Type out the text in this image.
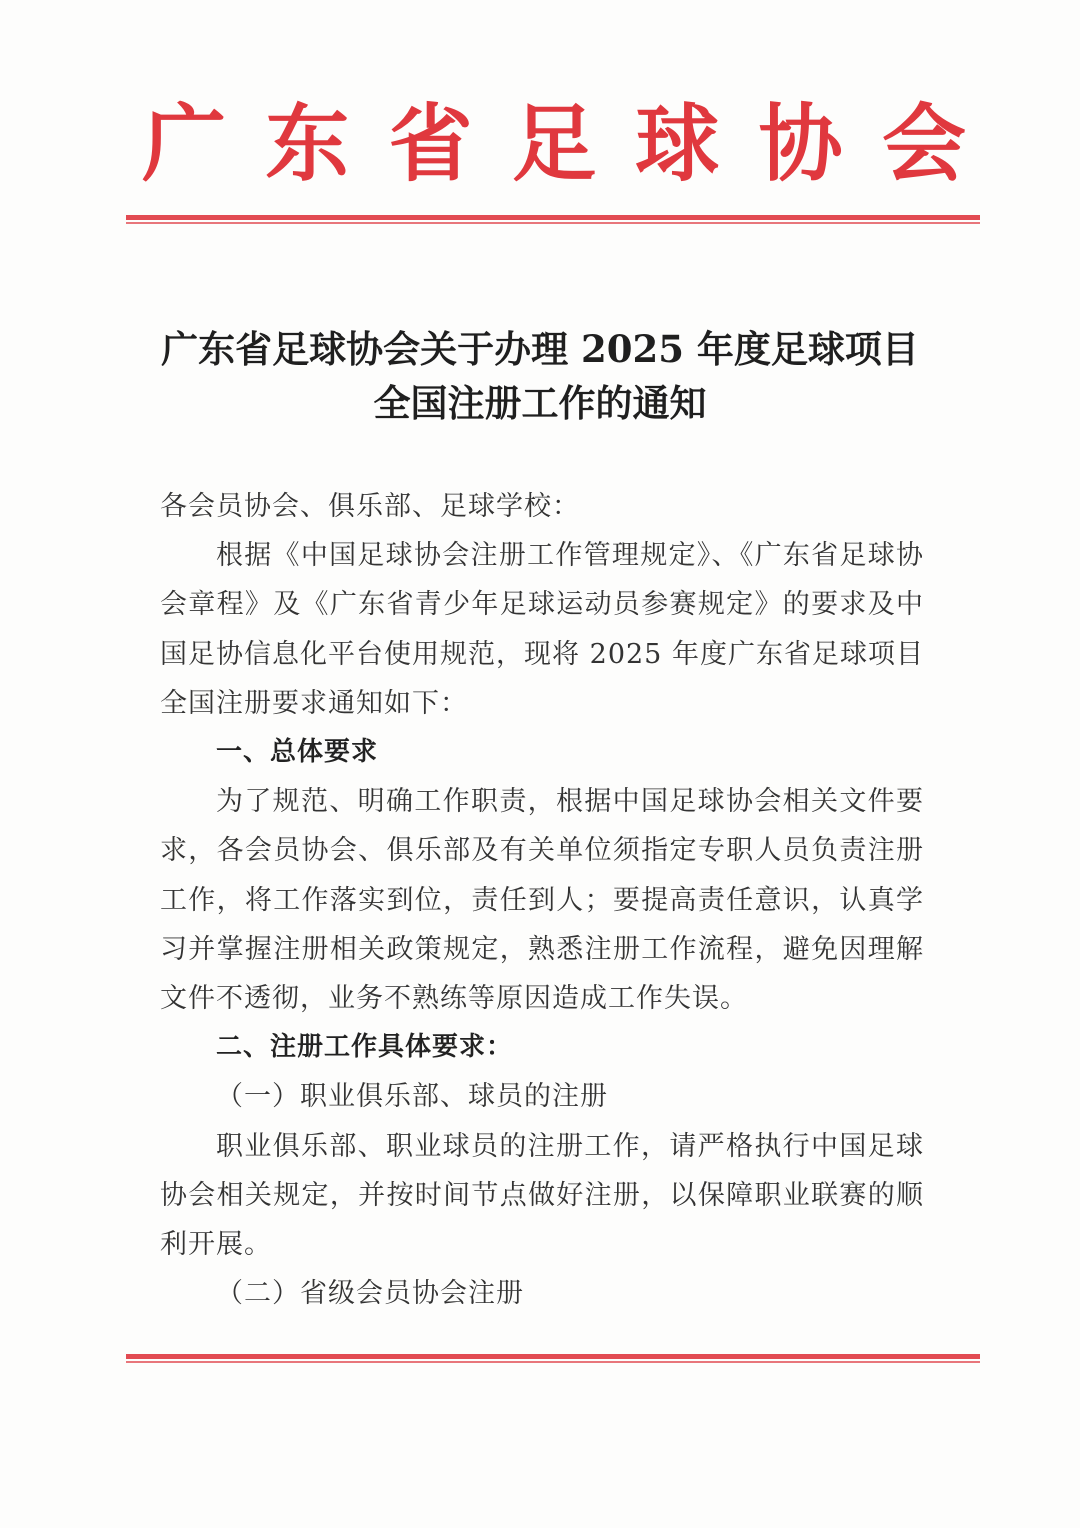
广 东 省 足 球 协 会
广东省足球协会关于办理 2025 年度足球项目
全国注册工作的通知

各会员协会、俱乐部、足球学校：

根据《中国足球协会注册工作管理规定》、《广东省足球协会章程》及《广东省青少年足球运动员参赛规定》的要求及中国足协信息化平台使用规范，现将 2025 年度广东省足球项目全国注册要求通知如下：

一、总体要求

为了规范、明确工作职责，根据中国足球协会相关文件要求，各会员协会、俱乐部及有关单位须指定专职人员负责注册工作，将工作落实到位，责任到人；要提高责任意识，认真学习并掌握注册相关政策规定，熟悉注册工作流程，避免因理解文件不透彻，业务不熟练等原因造成工作失误。

二、注册工作具体要求：

（一）职业俱乐部、球员的注册

职业俱乐部、职业球员的注册工作，请严格执行中国足球协会相关规定，并按时间节点做好注册，以保障职业联赛的顺利开展。

（二）省级会员协会注册
